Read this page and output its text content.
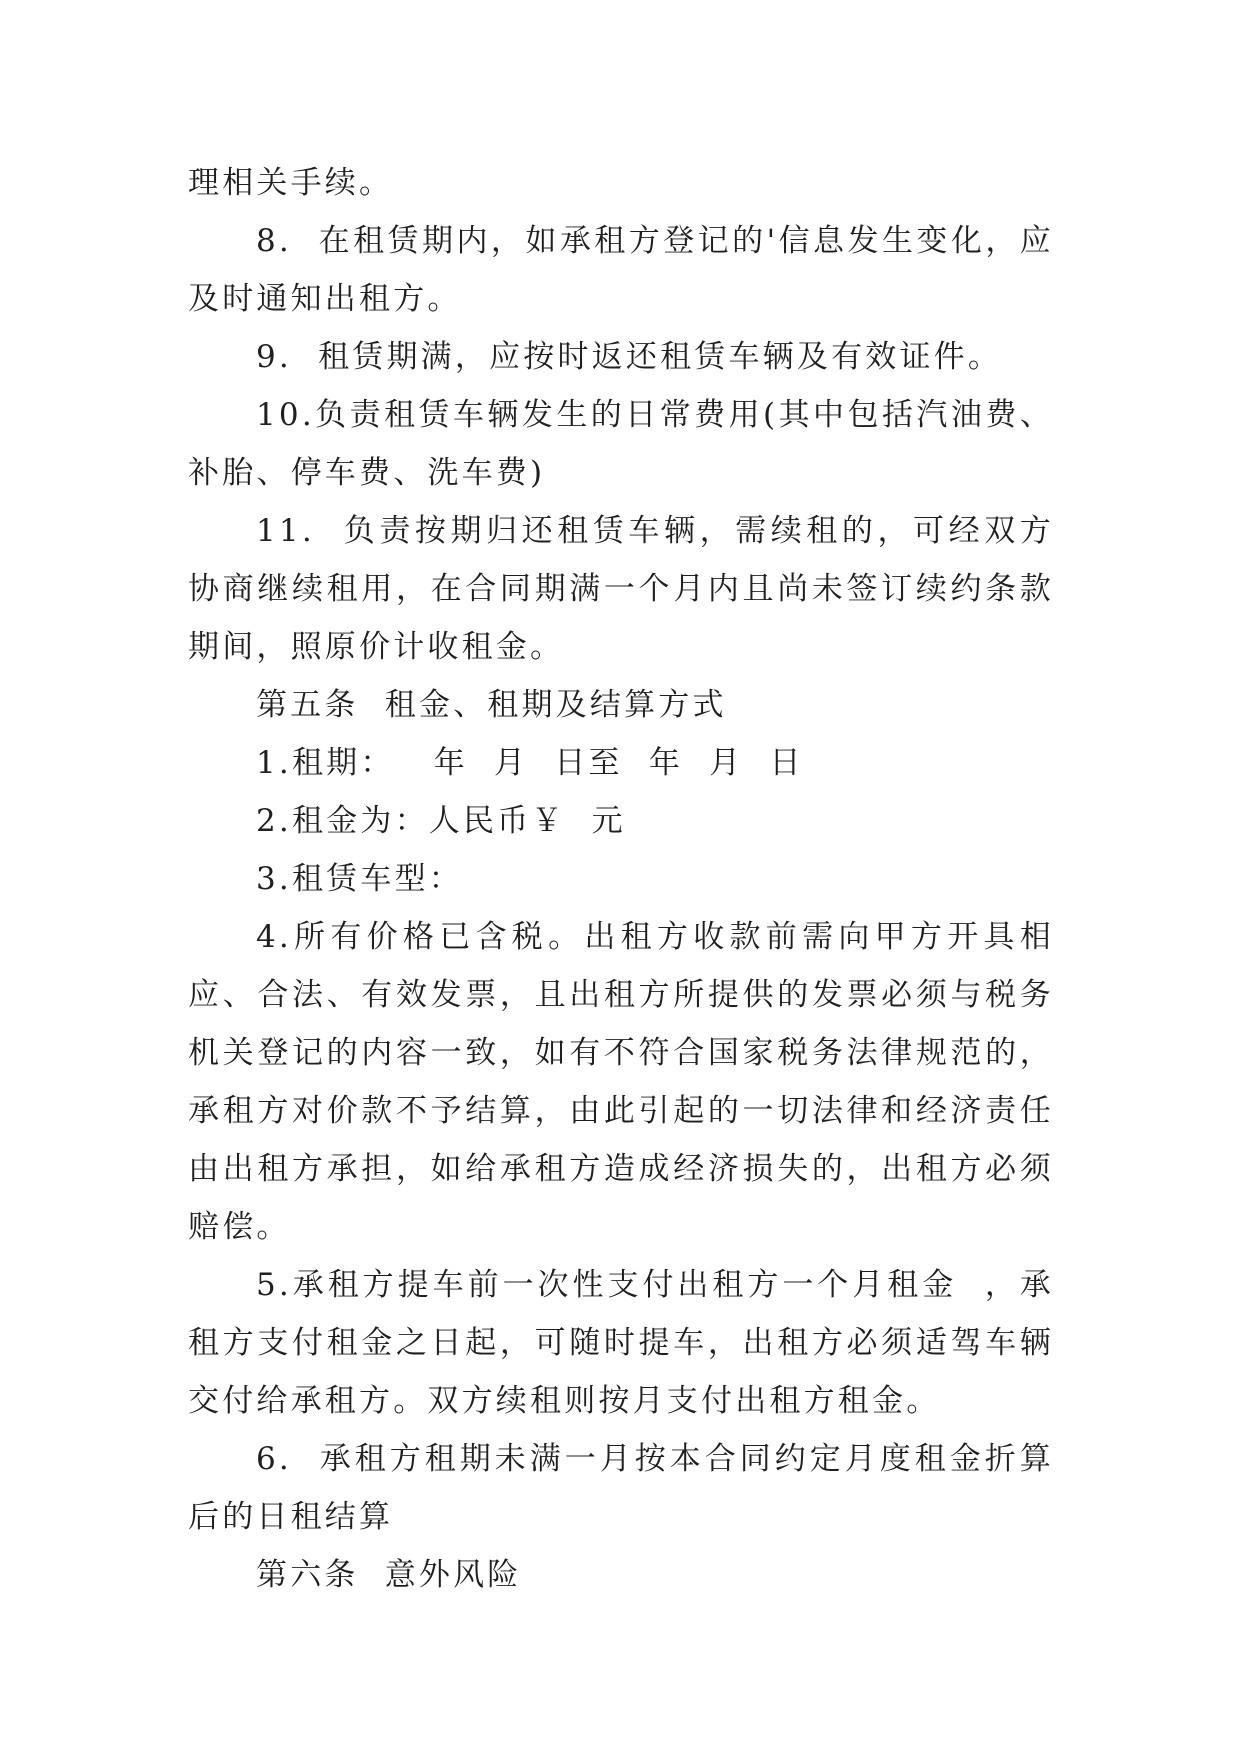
理相关手续。

8.  在租赁期内，如承租方登记的'信息发生变化，应及时通知出租方。

9.  租赁期满，应按时返还租赁车辆及有效证件。

10.负责租赁车辆发生的日常费用(其中包括汽油费、补胎、停车费、洗车费)

11.  负责按期归还租赁车辆，需续租的，可经双方协商继续租用，在合同期满一个月内且尚未签订续约条款期间，照原价计收租金。

第五条  租金、租期及结算方式

1.租期：   年  月  日至  年  月  日

2.租金为：人民币￥  元

3.租赁车型：

4.所有价格已含税。出租方收款前需向甲方开具相应、合法、有效发票，且出租方所提供的发票必须与税务机关登记的内容一致，如有不符合国家税务法律规范的，承租方对价款不予结算，由此引起的一切法律和经济责任由出租方承担，如给承租方造成经济损失的，出租方必须赔偿。

5.承租方提车前一次性支付出租方一个月租金  ，承租方支付租金之日起，可随时提车，出租方必须适驾车辆交付给承租方。双方续租则按月支付出租方租金。

6.  承租方租期未满一月按本合同约定月度租金折算后的日租结算

第六条  意外风险
